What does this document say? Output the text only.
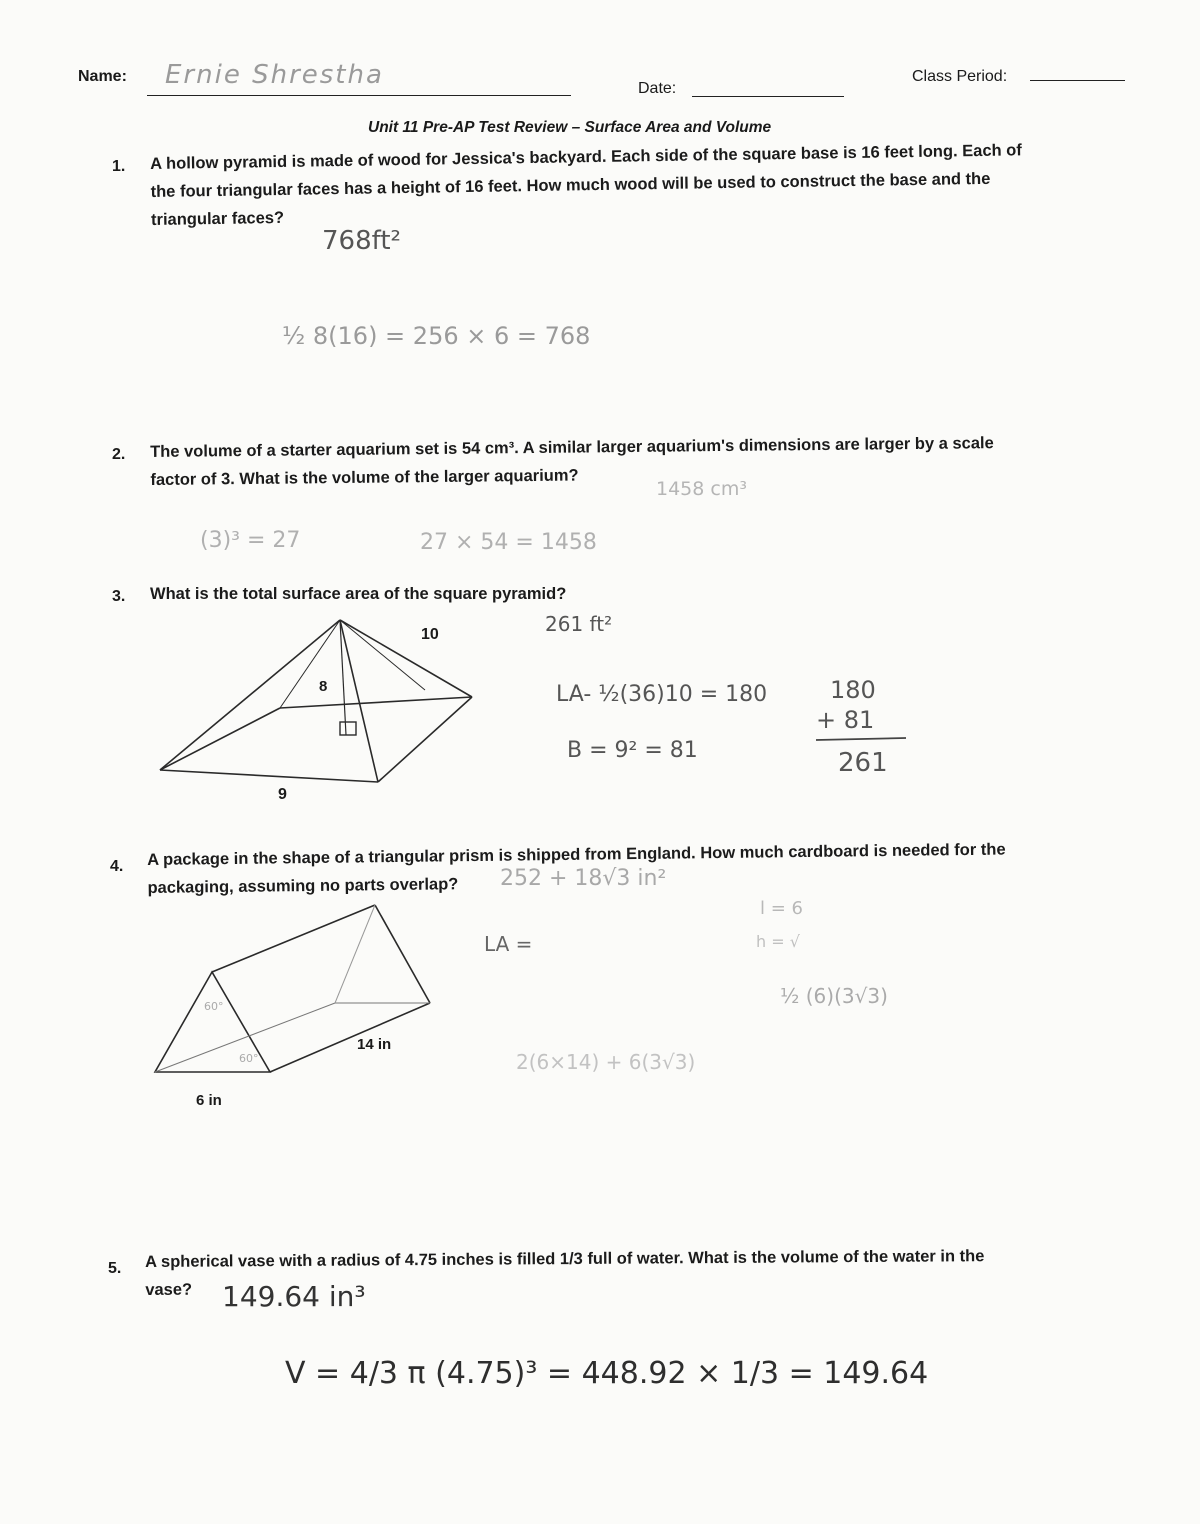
Name: Ernie Shrestha	Date:
Class Period:
Unit 11 Pre-AP Test Review – Surface Area and Volume
1. A hollow pyramid is made of wood for Jessica's backyard. Each side of the square base is 16 feet long. Each of
the four triangular faces has a height of 16 feet. How much wood will be used to construct the base and the
triangular faces?
768ft²
½ 8(16) = 256 × 6 = 768
2. The volume of a starter aquarium set is 54 cm³. A similar larger aquarium's dimensions are larger by a scale
factor of 3. What is the volume of the larger aquarium?
1458 cm³
(3)³ = 27	27 × 54 = 1458
3. What is the total surface area of the square pyramid?
261 ft²
10
8
9
LA- ½(36)10 = 180
B = 9² = 81
180
+ 81
261
4. A package in the shape of a triangular prism is shipped from England. How much cardboard is needed for the
packaging, assuming no parts overlap?	252 + 18√3 in²
14 in
6 in
60°
60°
LA =
l = 6
h = √
½ (6)(3√3)
2(6×14) + 6(3√3)
5. A spherical vase with a radius of 4.75 inches is filled 1/3 full of water. What is the volume of the water in the
vase?	149.64 in³
V = 4/3 π (4.75)³ = 448.92 × 1/3 = 149.64
